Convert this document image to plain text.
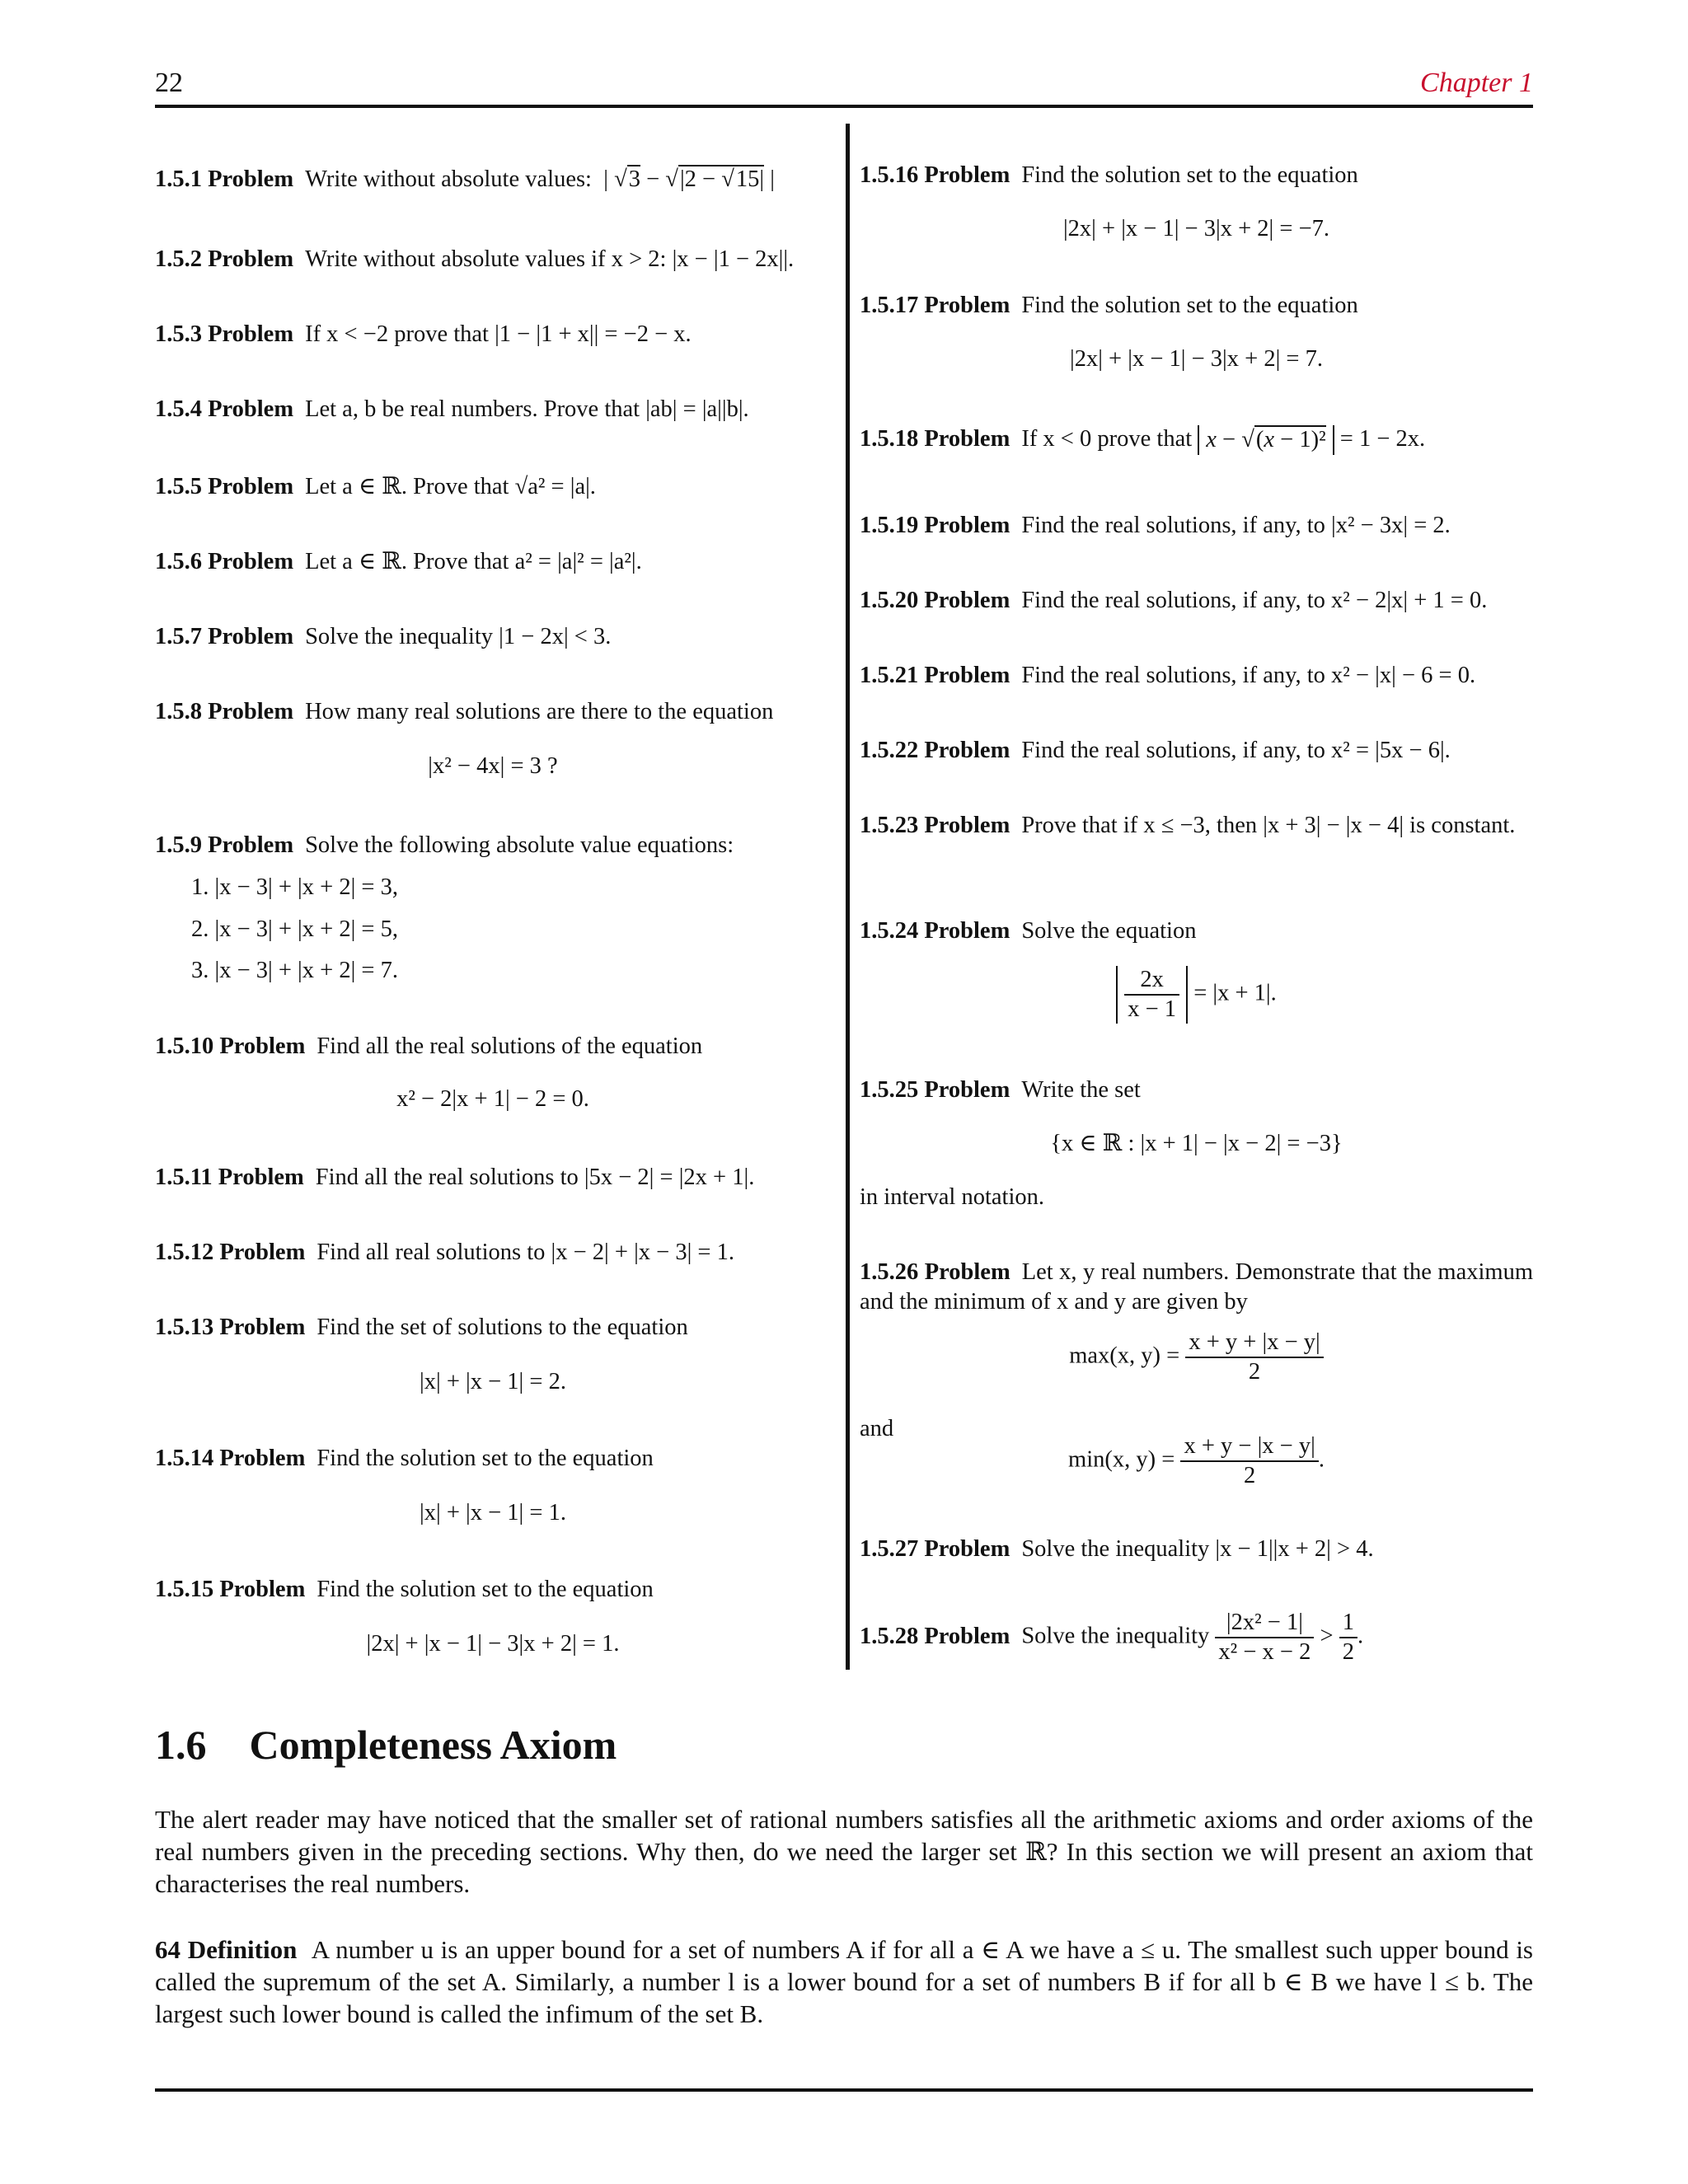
22	Chapter 1
1.5.1 Problem Write without absolute values:  | √3 − √|2 − √15| |
1.5.2 Problem Write without absolute values if x > 2: |x − |1 − 2x||.
1.5.3 Problem If x < −2 prove that |1 − |1 + x|| = −2 − x.
1.5.4 Problem Let a, b be real numbers. Prove that |ab| = |a||b|.
1.5.5 Problem Let a ∈ ℝ. Prove that √a² = |a|.
1.5.6 Problem Let a ∈ ℝ. Prove that a² = |a|² = |a²|.
1.5.7 Problem Solve the inequality |1 − 2x| < 3.
1.5.8 Problem How many real solutions are there to the equation
|x² − 4x| = 3 ?
1.5.9 Problem Solve the following absolute value equations:
1. |x − 3| + |x + 2| = 3,
2. |x − 3| + |x + 2| = 5,
3. |x − 3| + |x + 2| = 7.
1.5.10 Problem Find all the real solutions of the equation
x² − 2|x + 1| − 2 = 0.
1.5.11 Problem Find all the real solutions to |5x − 2| = |2x + 1|.
1.5.12 Problem Find all real solutions to |x − 2| + |x − 3| = 1.
1.5.13 Problem Find the set of solutions to the equation
|x| + |x − 1| = 2.
1.5.14 Problem Find the solution set to the equation
|x| + |x − 1| = 1.
1.5.15 Problem Find the solution set to the equation
|2x| + |x − 1| − 3|x + 2| = 1.
1.5.16 Problem Find the solution set to the equation
|2x| + |x − 1| − 3|x + 2| = −7.
1.5.17 Problem Find the solution set to the equation
|2x| + |x − 1| − 3|x + 2| = 7.
1.5.18 Problem If x < 0 prove that x − √(x − 1)² = 1 − 2x.
1.5.19 Problem Find the real solutions, if any, to |x² − 3x| = 2.
1.5.20 Problem Find the real solutions, if any, to x² − 2|x| + 1 = 0.
1.5.21 Problem Find the real solutions, if any, to x² − |x| − 6 = 0.
1.5.22 Problem Find the real solutions, if any, to x² = |5x − 6|.
1.5.23 Problem Prove that if x ≤ −3, then |x + 3| − |x − 4| is constant.
1.5.24 Problem Solve the equation
$\frac{2x}{x - 1} = |x + 1|$.
1.5.25 Problem Write the set
{x ∈ ℝ : |x + 1| − |x − 2| = −3}
in interval notation.
1.5.26 Problem Let x, y real numbers. Demonstrate that the maximum and the minimum of x and y are given by
max(x, $y) = \frac{x + y + |x - y|}{2}$
and
min(x, $y) = \frac{x + y - |x - y|}{2}$ .
1.5.27 Problem Solve the inequality |x − 1||x + 2| > 4.
1.5.28 Problem Solve the inequality $\frac{\text{|2x² − 1|}}{\text{x² − x − 2}} > \frac{1}{2}$ .
1.6 Completeness Axiom
The alert reader may have noticed that the smaller set of rational numbers satisfies all the arithmetic axioms and order axioms of the real numbers given in the preceding sections. Why then, do we need the larger set ℝ? In this section we will present an axiom that characterises the real numbers.
64 Definition A number u is an upper bound for a set of numbers A if for all a ∈ A we have a ≤ u. The smallest such upper bound is called the supremum of the set A. Similarly, a number l is a lower bound for a set of numbers B if for all b ∈ B we have l ≤ b. The largest such lower bound is called the infimum of the set B.
